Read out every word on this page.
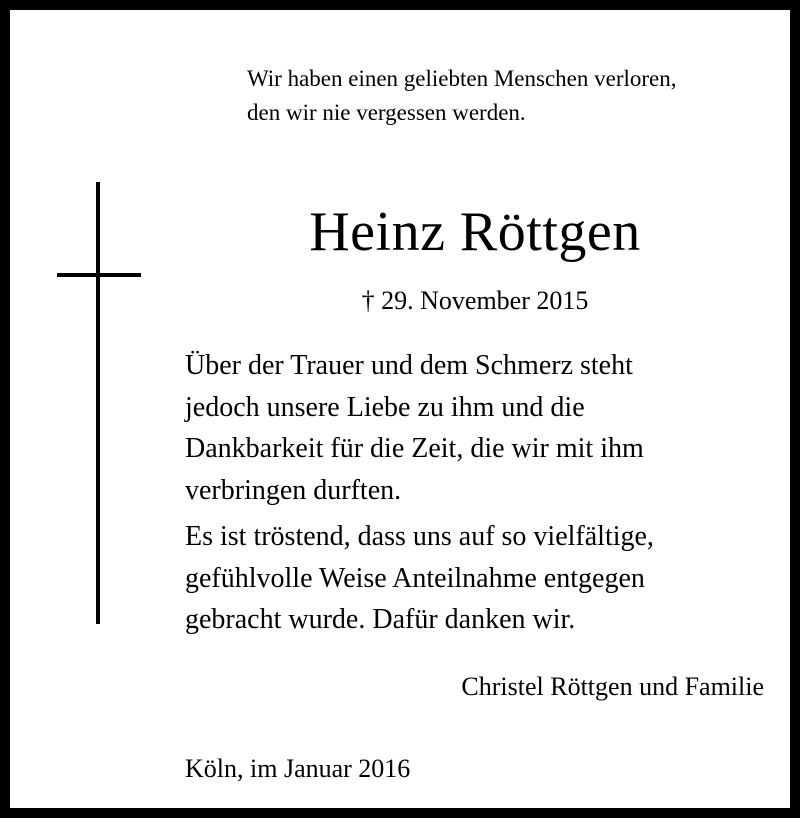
Wir haben einen geliebten Menschen verloren,
den wir nie vergessen werden.
Heinz Röttgen
† 29. November 2015
Über der Trauer und dem Schmerz steht
jedoch unsere Liebe zu ihm und die
Dankbarkeit für die Zeit, die wir mit ihm
verbringen durften.
Es ist tröstend, dass uns auf so vielfältige,
gefühlvolle Weise Anteilnahme entgegen
gebracht wurde. Dafür danken wir.
Christel Röttgen und Familie
Köln, im Januar 2016
